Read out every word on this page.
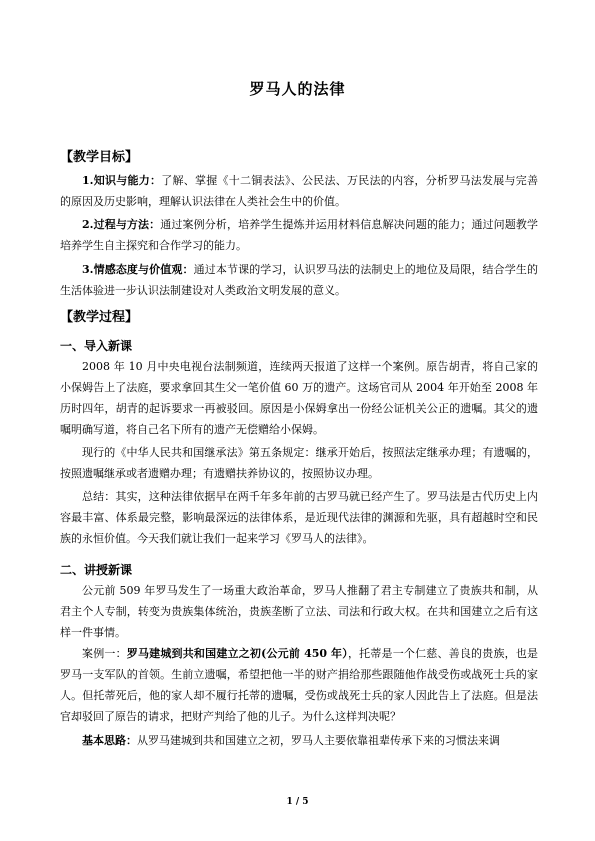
罗马人的法律
【教学目标】

1.知识与能力：了解、掌握《十二铜表法》、公民法、万民法的内容，分析罗马法发展与完善的原因及历史影响，理解认识法律在人类社会生中的价值。

2.过程与方法：通过案例分析，培养学生提炼并运用材料信息解决问题的能力；通过问题教学培养学生自主探究和合作学习的能力。

3.情感态度与价值观：通过本节课的学习，认识罗马法的法制史上的地位及局限，结合学生的生活体验进一步认识法制建设对人类政治文明发展的意义。

【教学过程】
一、导入新课

2008 年 10 月中央电视台法制频道，连续两天报道了这样一个案例。原告胡青，将自己家的小保姆告上了法庭，要求拿回其生父一笔价值 60 万的遗产。这场官司从 2004 年开始至 2008 年历时四年，胡青的起诉要求一再被驳回。原因是小保姆拿出一份经公证机关公正的遗嘱。其父的遗嘱明确写道，将自己名下所有的遗产无偿赠给小保姆。

现行的《中华人民共和国继承法》第五条规定：继承开始后，按照法定继承办理；有遗嘱的，按照遗嘱继承或者遗赠办理；有遗赠扶养协议的，按照协议办理。

总结：其实，这种法律依据早在两千年多年前的古罗马就已经产生了。罗马法是古代历史上内容最丰富、体系最完整，影响最深远的法律体系，是近现代法律的渊源和先驱，具有超越时空和民族的永恒价值。今天我们就让我们一起来学习《罗马人的法律》。

二、讲授新课

公元前 509 年罗马发生了一场重大政治革命，罗马人推翻了君主专制建立了贵族共和制，从君主个人专制，转变为贵族集体统治，贵族垄断了立法、司法和行政大权。在共和国建立之后有这样一件事情。

案例一：罗马建城到共和国建立之初(公元前 450 年），托蒂是一个仁慈、善良的贵族，也是罗马一支军队的首领。生前立遗嘱，希望把他一半的财产捐给那些跟随他作战受伤或战死士兵的家人。但托蒂死后，他的家人却不履行托蒂的遗嘱，受伤或战死士兵的家人因此告上了法庭。但是法官却驳回了原告的请求，把财产判给了他的儿子。为什么这样判决呢？

基本思路：从罗马建城到共和国建立之初，罗马人主要依靠祖辈传承下来的习惯法来调

1 / 5
